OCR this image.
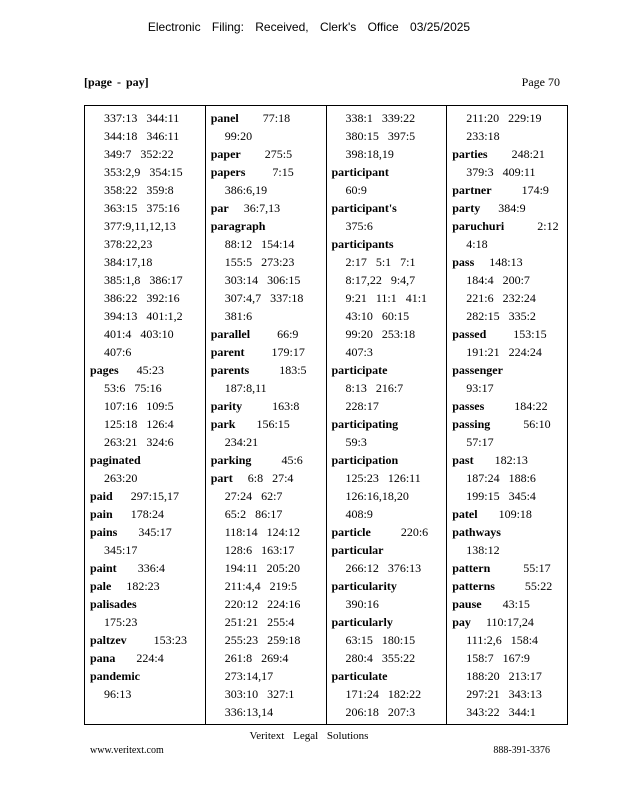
Electronic Filing: Received, Clerk's Office 03/25/2025
[page - pay]	Page 70
337:13   344:11
344:18   346:11
349:7   352:22
353:2,9   354:15
358:22   359:8
363:15   375:16
377:9,11,12,13
378:22,23
384:17,18
385:1,8   386:17
386:22   392:16
394:13   401:1,2
401:4   403:10
407:6
pages      45:23
53:6   75:16
107:16   109:5
125:18   126:4
263:21   324:6
paginated
263:20
paid      297:15,17
pain      178:24
pains       345:17
345:17
paint       336:4
pale     182:23
palisades
175:23
paltzev         153:23
pana       224:4
pandemic
96:13
panel        77:18
99:20
paper        275:5
papers         7:15
386:6,19
par     36:7,13
paragraph
88:12   154:14
155:5   273:23
303:14   306:15
307:4,7   337:18
381:6
parallel         66:9
parent         179:17
parents          183:5
187:8,11
parity          163:8
park       156:15
234:21
parking          45:6
part     6:8   27:4
27:24   62:7
65:2   86:17
118:14   124:12
128:6   163:17
194:11   205:20
211:4,4   219:5
220:12   224:16
251:21   255:4
255:23   259:18
261:8   269:4
273:14,17
303:10   327:1
336:13,14
338:1   339:22
380:15   397:5
398:18,19
participant
60:9
participant's
375:6
participants
2:17   5:1   7:1
8:17,22   9:4,7
9:21   11:1   41:1
43:10   60:15
99:20   253:18
407:3
participate
8:13   216:7
228:17
participating
59:3
participation
125:23   126:11
126:16,18,20
408:9
particle          220:6
particular
266:12   376:13
particularity
390:16
particularly
63:15   180:15
280:4   355:22
particulate
171:24   182:22
206:18   207:3
211:20   229:19
233:18
parties        248:21
379:3   409:11
partner          174:9
party      384:9
paruchuri           2:12
4:18
pass     148:13
184:4   200:7
221:6   232:24
282:15   335:2
passed         153:15
191:21   224:24
passenger
93:17
passes          184:22
passing           56:10
57:17
past       182:13
187:24   188:6
199:15   345:4
patel       109:18
pathways
138:12
pattern           55:17
patterns          55:22
pause       43:15
pay     110:17,24
111:2,6   158:4
158:7   167:9
188:20   213:17
297:21   343:13
343:22   344:1
Veritext Legal Solutions
www.veritext.com	888-391-3376
